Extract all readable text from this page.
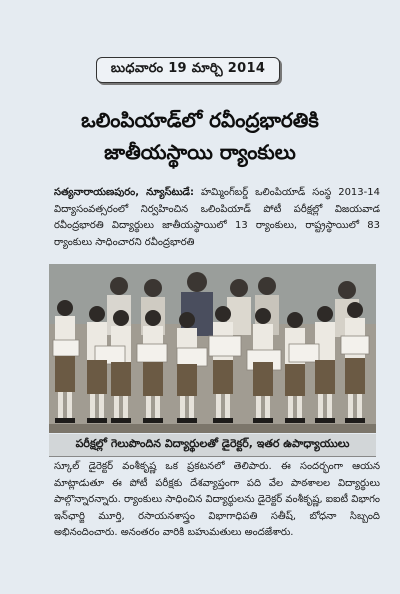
బుధవారం 19 మార్చి 2014
ఒలింపియాడ్‌లో రవీంద్రభారతికి
జాతీయస్థాయి ర్యాంకులు

సత్యనారాయణపురం, న్యూస్‌టుడే: హమ్మింగ్‌బర్డ్ ఒలింపియాడ్ సంస్థ 2013-14 విద్యాసంవత్సరంలో నిర్వహించిన ఒలింపియాడ్ పోటీ పరీక్షల్లో విజయవాడ రవీంద్రభారతి విద్యార్థులు జాతీయస్థాయిలో 13 ర్యాంకులు, రాష్ట్రస్థాయిలో 83 ర్యాంకులు సాధించారని రవీంద్రభారతి

పరీక్షల్లో గెలుపొందిన విద్యార్థులతో డైరెక్టర్, ఇతర ఉపాధ్యాయులు

స్కూల్ డైరెక్టర్ వంశీకృష్ణ ఒక ప్రకటనలో తెలిపారు. ఈ సందర్భంగా ఆయన మాట్లాడుతూ ఈ పోటీ పరీక్షకు దేశవ్యాప్తంగా పది వేల పాఠశాలల విద్యార్థులు పాల్గొన్నారన్నారు. ర్యాంకులు సాధించిన విద్యార్థులను డైరెక్టర్ వంశీకృష్ణ, ఐఐటీ విభాగం ఇన్‌ఛార్జి మూర్తి, రసాయనశాస్త్రం విభాగాధిపతి సతీష్, బోధనా సిబ్బంది అభినందించారు. అనంతరం వారికి బహుమతులు అందజేశారు.
